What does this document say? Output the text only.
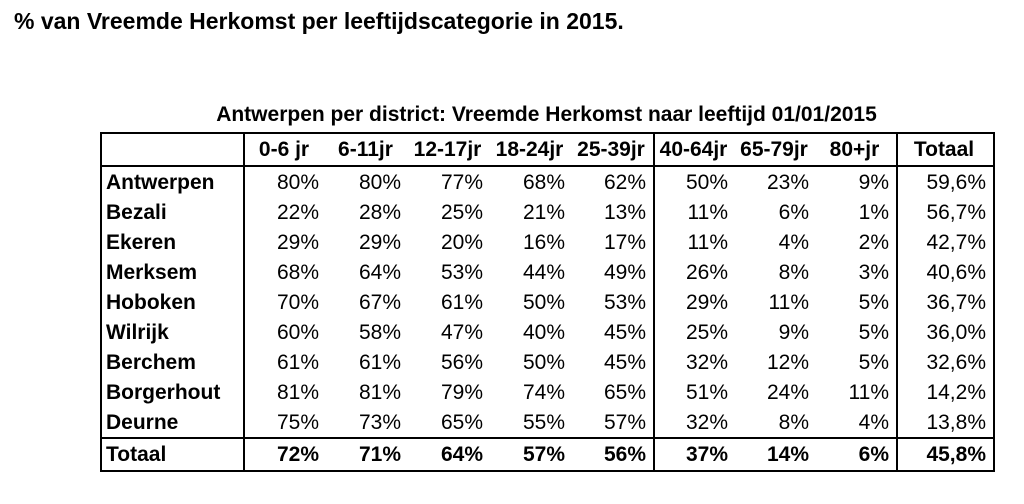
% van Vreemde Herkomst per leeftijdscategorie in 2015.
Antwerpen per district: Vreemde Herkomst naar leeftijd 01/01/2015
	0-6 jr	6-11jr	12-17jr	18-24jr	25-39jr	40-64jr	65-79jr	80+jr	Totaal
Antwerpen	80%	80%	77%	68%	62%	50%	23%	9%	59,6%
Bezali	22%	28%	25%	21%	13%	11%	6%	1%	56,7%
Ekeren	29%	29%	20%	16%	17%	11%	4%	2%	42,7%
Merksem	68%	64%	53%	44%	49%	26%	8%	3%	40,6%
Hoboken	70%	67%	61%	50%	53%	29%	11%	5%	36,7%
Wilrijk	60%	58%	47%	40%	45%	25%	9%	5%	36,0%
Berchem	61%	61%	56%	50%	45%	32%	12%	5%	32,6%
Borgerhout	81%	81%	79%	74%	65%	51%	24%	11%	14,2%
Deurne	75%	73%	65%	55%	57%	32%	8%	4%	13,8%
Totaal	72%	71%	64%	57%	56%	37%	14%	6%	45,8%
